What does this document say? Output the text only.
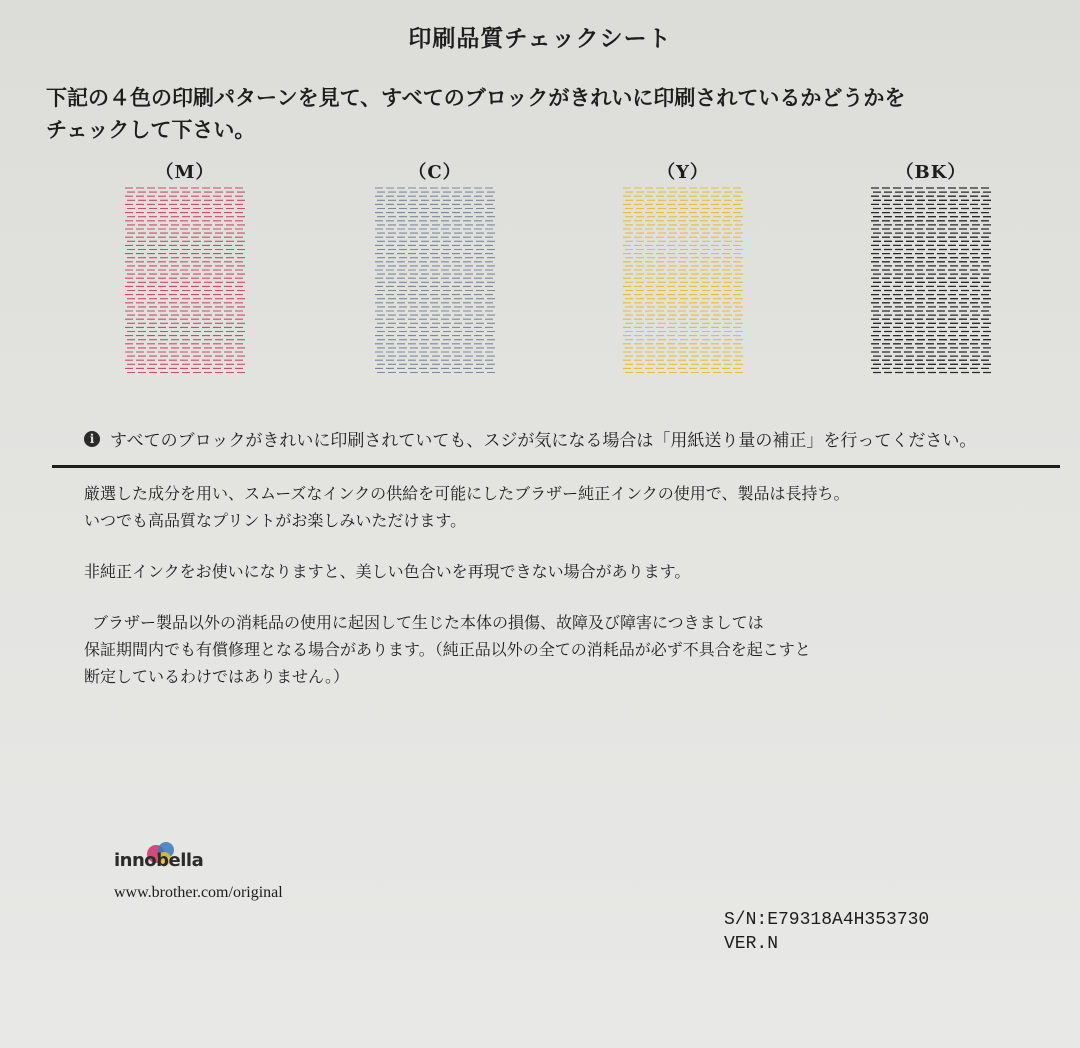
印刷品質チェックシート
下記の４色の印刷パターンを見て、すべてのブロックがきれいに印刷されているかどうかを
チェックして下さい。
（M）	（C）	（Y）	（BK）
i すべてのブロックがきれいに印刷されていても、スジが気になる場合は「用紙送り量の補正」を行ってください。
厳選した成分を用い、スムーズなインクの供給を可能にしたブラザー純正インクの使用で、製品は長持ち。
いつでも高品質なプリントがお楽しみいただけます。
非純正インクをお使いになりますと、美しい色合いを再現できない場合があります。
ブラザー製品以外の消耗品の使用に起因して生じた本体の損傷、故障及び障害につきましては
保証期間内でも有償修理となる場合があります。（純正品以外の全ての消耗品が必ず不具合を起こすと
断定しているわけではありません。）
innobella
www.brother.com/original
S/N:E79318A4H353730
VER.N
